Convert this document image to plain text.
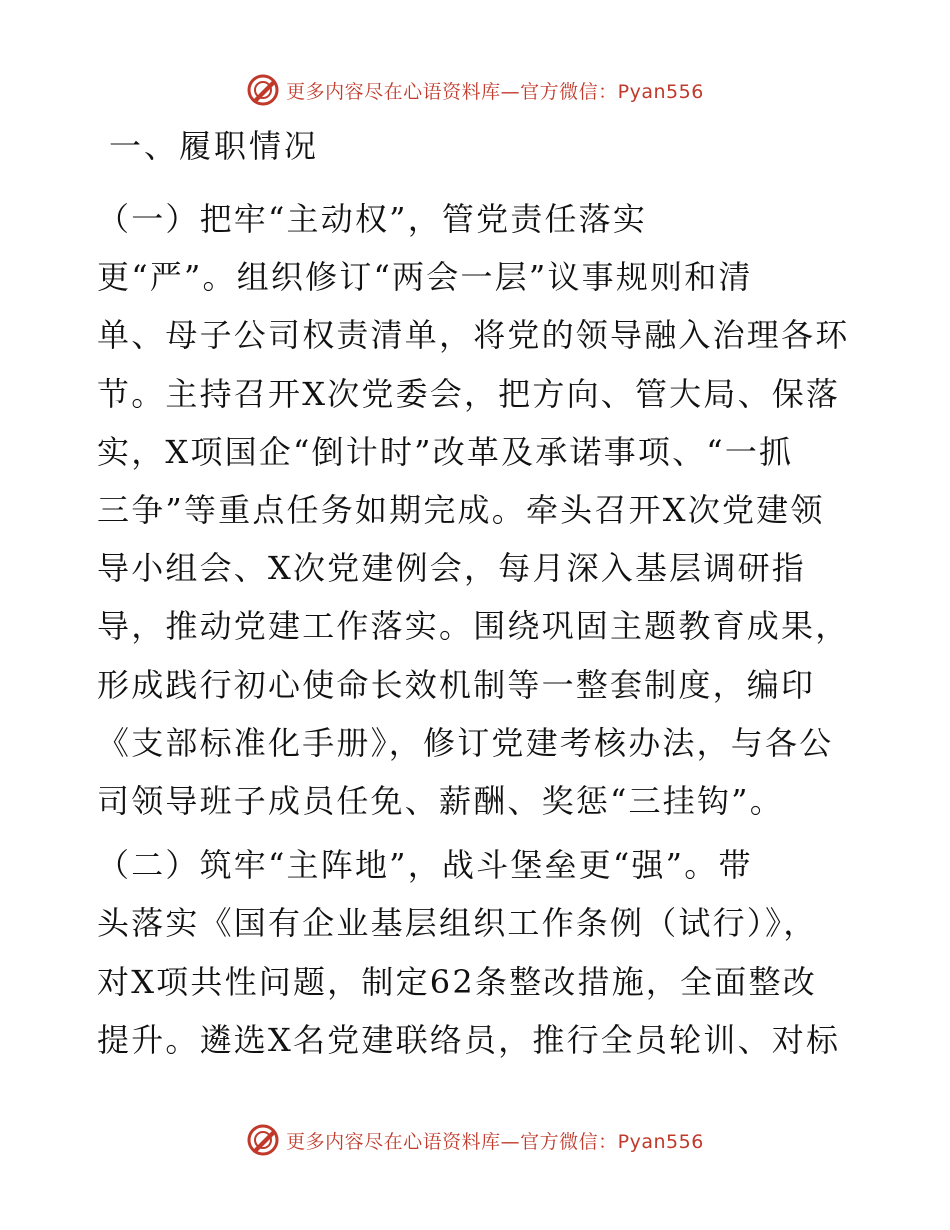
更多内容尽在心语资料库—官方微信：Pyan556
一、履职情况

（一）把牢“主动权”，管党责任落实
更“严”。组织修订“两会一层”议事规则和清
单、母子公司权责清单，将党的领导融入治理各环
节。主持召开X次党委会，把方向、管大局、保落
实，X项国企“倒计时”改革及承诺事项、“一抓
三争”等重点任务如期完成。牵头召开X次党建领
导小组会、X次党建例会，每月深入基层调研指
导，推动党建工作落实。围绕巩固主题教育成果，
形成践行初心使命长效机制等一整套制度，编印
《支部标准化手册》，修订党建考核办法，与各公
司领导班子成员任免、薪酬、奖惩“三挂钩”。

（二）筑牢“主阵地”，战斗堡垒更“强”。带
头落实《国有企业基层组织工作条例（试行）》，
对X项共性问题，制定62条整改措施，全面整改
提升。遴选X名党建联络员，推行全员轮训、对标

更多内容尽在心语资料库—官方微信：Pyan556
